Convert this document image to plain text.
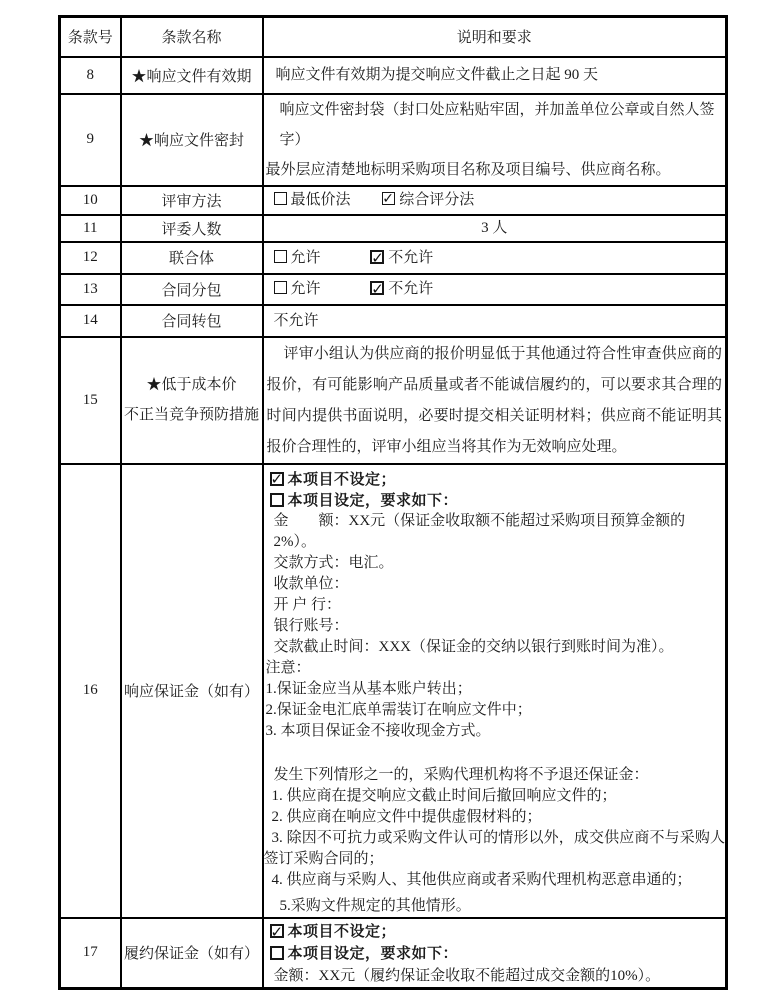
条款号	条款名称	说明和要求
8	★响应文件有效期	响应文件有效期为提交响应文件截止之日起 90 天

9	★响应文件密封	响应文件密封袋（封口处应粘贴牢固，并加盖单位公章或自然人签字）
最外层应清楚地标明采购项目名称及项目编号、供应商名称。

10	评审方法	最低价法 ✓ 综合评分法

11	评委人数	3 人

12	联合体	允许 ✓ 不允许

13	合同分包	允许 ✓ 不允许

14	合同转包	不允许

15	★低于成本价
不正当竞争预防措施	评审小组认为供应商的报价明显低于其他通过符合性审查供应商的报价，有可能影响产品质量或者不能诚信履约的，可以要求其合理的时间内提供书面说明，必要时提交相关证明材料；供应商不能证明其报价合理性的，评审小组应当将其作为无效响应处理。

16	响应保证金（如有）	
✓本项目不设定；
本项目设定，要求如下：
金　　额：XX元（保证金收取额不能超过采购项目预算金额的2%）。
交款方式：电汇。
收款单位：
开 户 行：
银行账号：
交款截止时间：XXX（保证金的交纳以银行到账时间为准）。
注意：
1.保证金应当从基本账户转出；
2.保证金电汇底单需装订在响应文件中；
3. 本项目保证金不接收现金方式。
发生下列情形之一的，采购代理机构将不予退还保证金：
1. 供应商在提交响应文截止时间后撤回响应文件的；
2. 供应商在响应文件中提供虚假材料的；
3. 除因不可抗力或采购文件认可的情形以外，成交供应商不与采购人签订采购合同的；
4. 供应商与采购人、其他供应商或者采购代理机构恶意串通的；
5.采购文件规定的其他情形。

17	履约保证金（如有）	
✓本项目不设定；
本项目设定，要求如下：
金额：XX元（履约保证金收取不能超过成交金额的10%）。
